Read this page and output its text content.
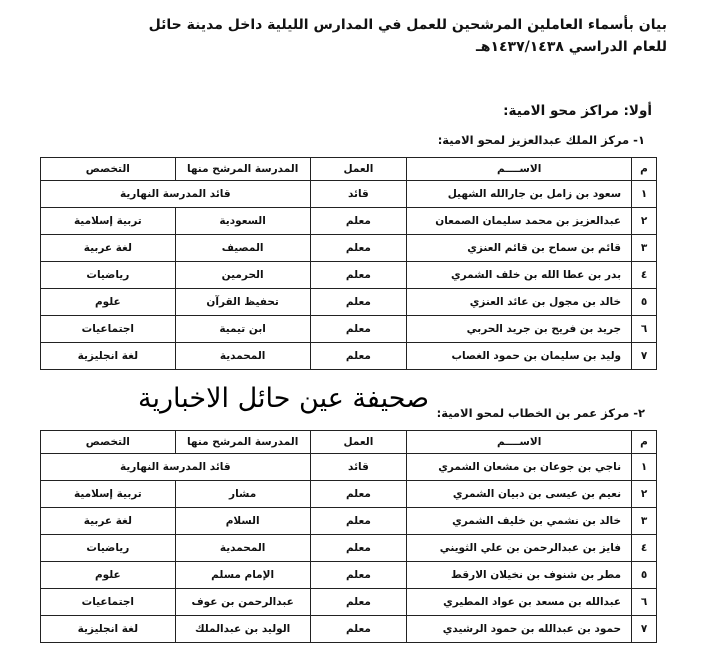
بيان بأسماء العاملين المرشحين للعمل في المدارس الليلية داخل مدينة حائل
للعام الدراسي ١٤٣٧/١٤٣٨هـ
أولا: مراكز محو الامية:
١- مركز الملك عبدالعزيز لمحو الامية:
م	الاســــم	العمل	المدرسة المرشح منها	التخصص
١	سعود بن زامل بن جارالله الشهيل	قائد	قائد المدرسة النهارية	
٢	عبدالعزيز بن محمد سليمان الصمعان	معلم	السعودية	تربية إسلامية
٣	قائم بن سماح بن قائم العنزي	معلم	المصيف	لغة عربية
٤	بدر بن عطا الله بن خلف الشمري	معلم	الحرمين	رياضيات
٥	خالد بن مجول بن عائد العنزي	معلم	تحفيظ القرآن	علوم
٦	جريد بن فريح بن جريد الحربي	معلم	ابن تيمية	اجتماعيات
٧	وليد بن سليمان بن حمود الغصاب	معلم	المحمدية	لغة انجليزية
صحيفة عين حائل الاخبارية ٢- مركز عمر بن الخطاب لمحو الامية:
م	الاســــم	العمل	المدرسة المرشح منها	التخصص
١	ناجي بن جوعان بن مشعان الشمري	قائد	قائد المدرسة النهارية	
٢	نعيم بن عيسى بن دبيان الشمري	معلم	مشار	تربية إسلامية
٣	خالد بن نشمي بن خليف الشمري	معلم	السلام	لغة عربية
٤	فايز بن عبدالرحمن بن علي الثويني	معلم	المحمدية	رياضيات
٥	مطر بن شنوف بن نخيلان الارقط	معلم	الإمام مسلم	علوم
٦	عبدالله بن مسعد بن عواد المطيري	معلم	عبدالرحمن بن عوف	اجتماعيات
٧	حمود بن عبدالله بن حمود الرشيدي	معلم	الوليد بن عبدالملك	لغة انجليزية
